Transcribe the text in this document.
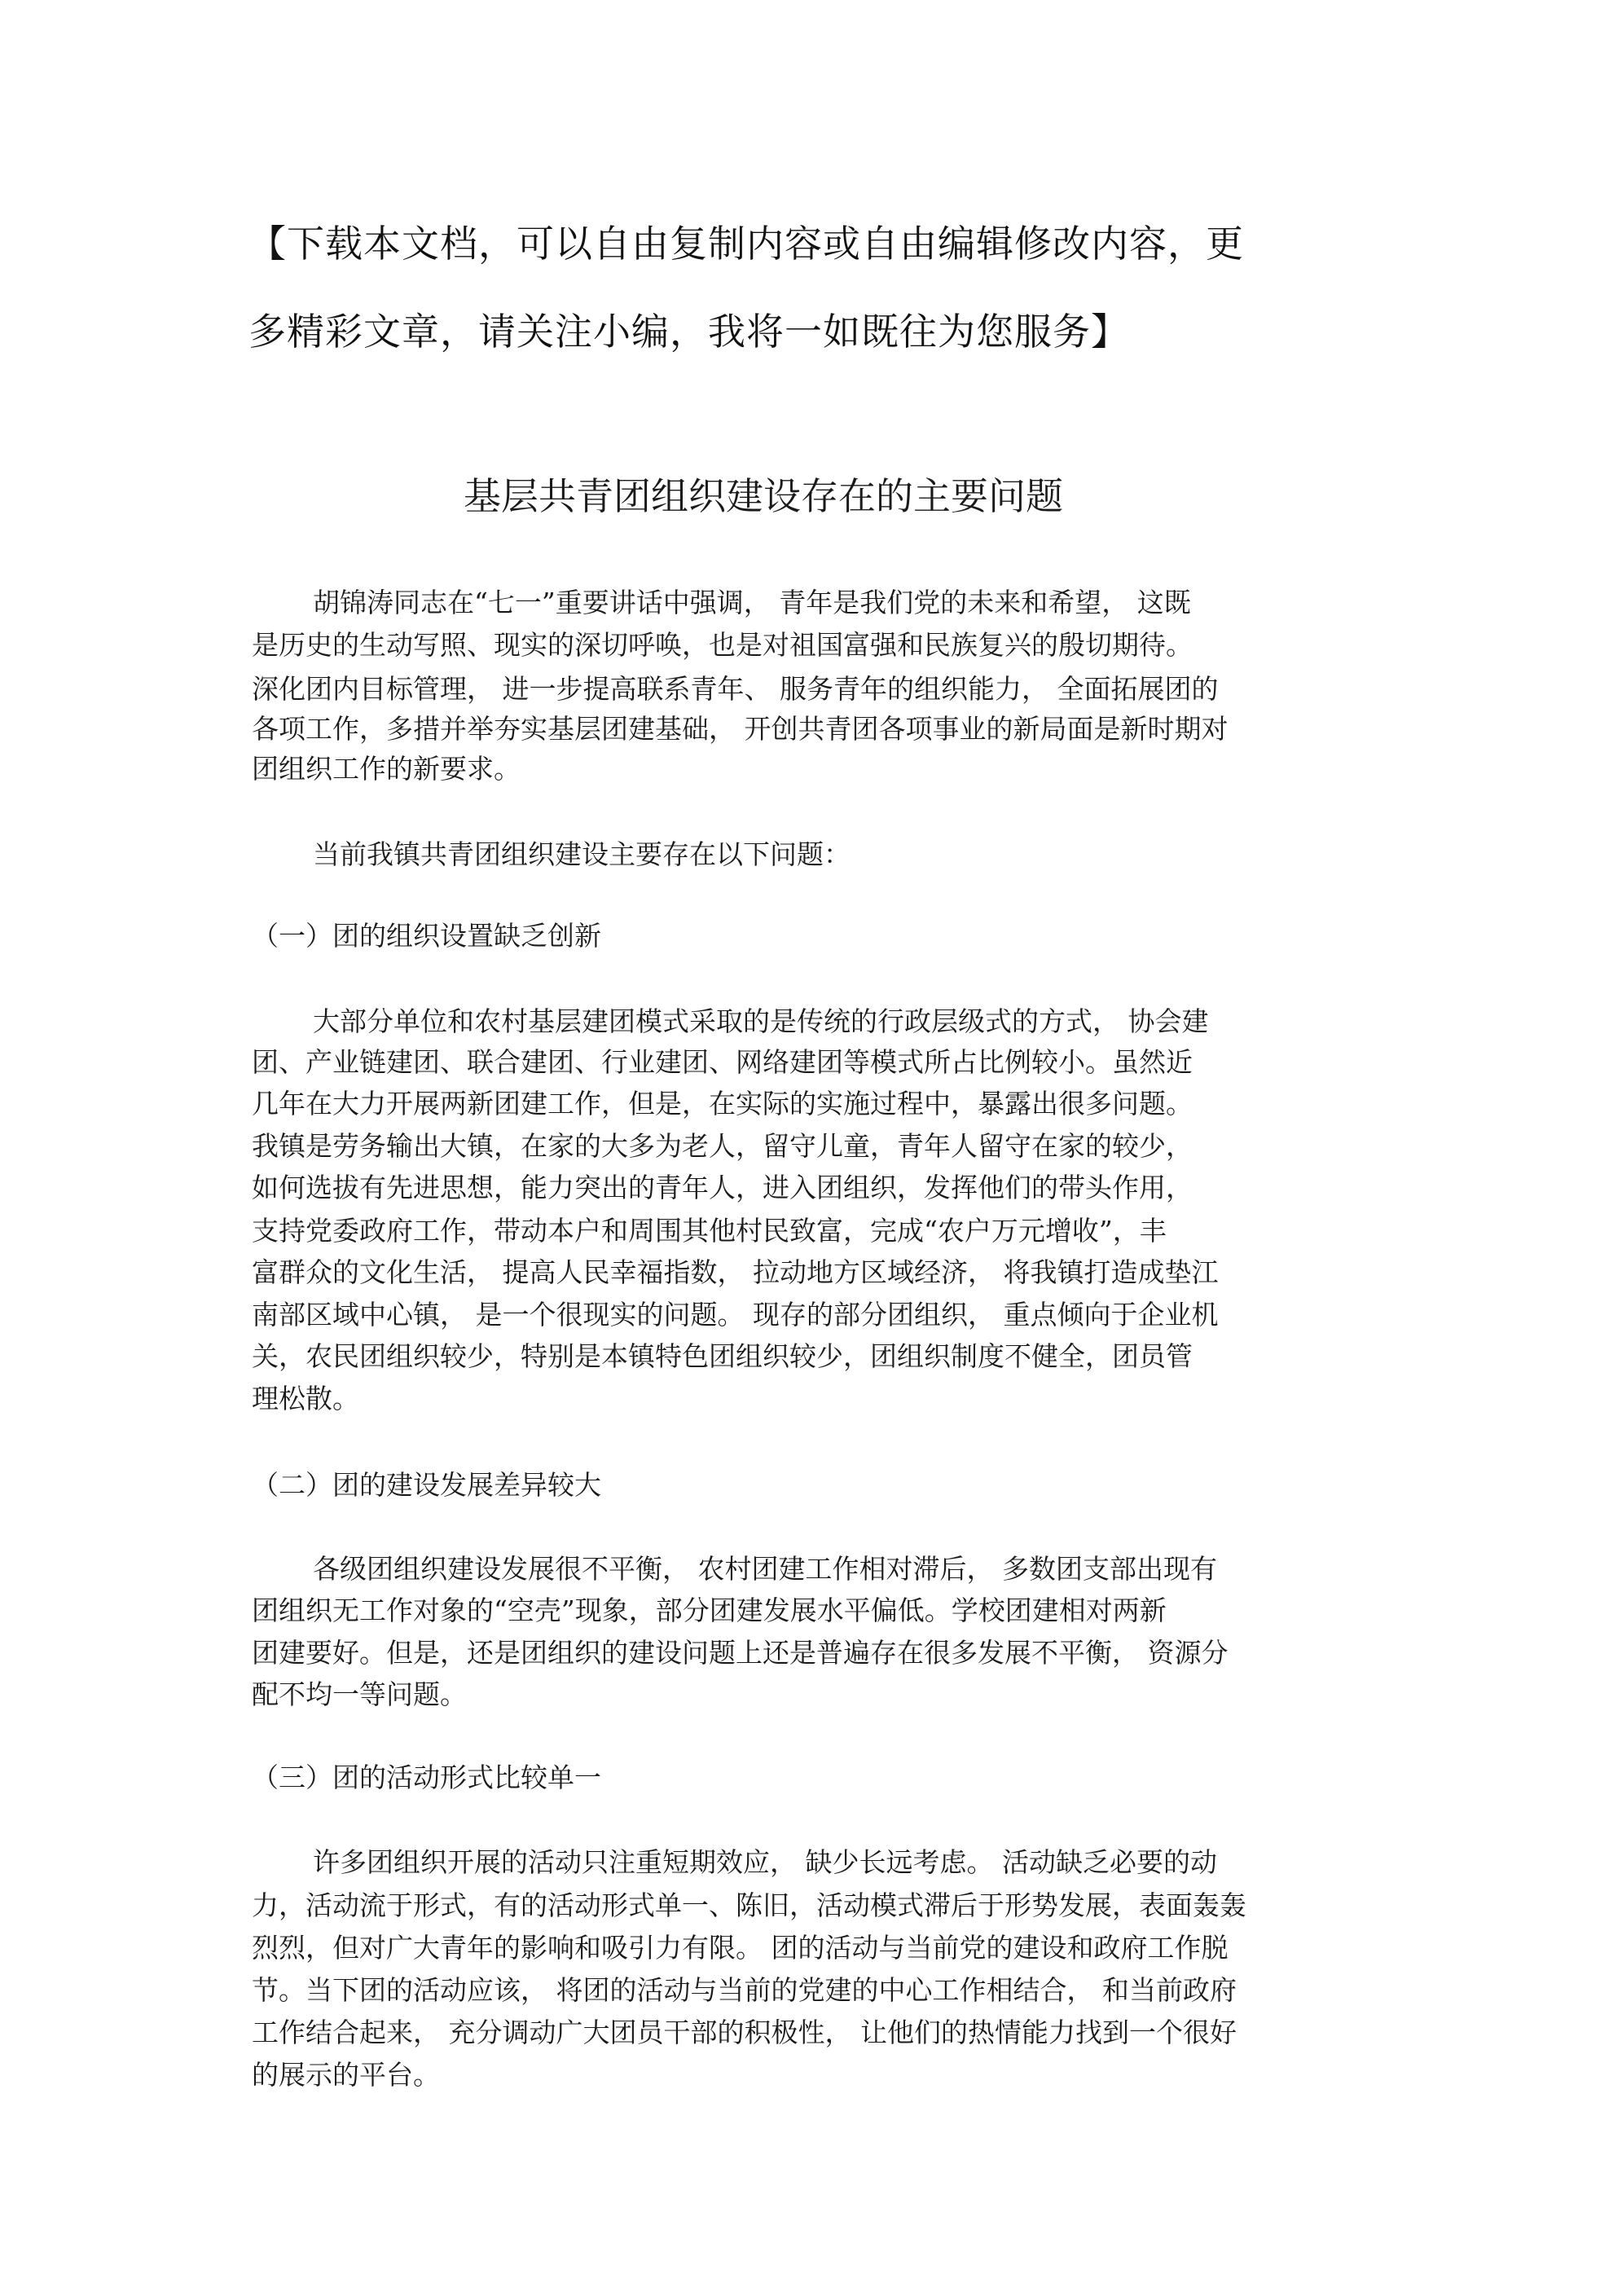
【下载本文档，可以自由复制内容或自由编辑修改内容，更

多精彩文章，请关注小编，我将一如既往为您服务】

基层共青团组织建设存在的主要问题

胡锦涛同志在“七一”重要讲话中强调， 青年是我们党的未来和希望， 这既

是历史的生动写照、现实的深切呼唤，也是对祖国富强和民族复兴的殷切期待。

深化团内目标管理， 进一步提高联系青年、 服务青年的组织能力， 全面拓展团的

各项工作，多措并举夯实基层团建基础， 开创共青团各项事业的新局面是新时期对

团组织工作的新要求。

当前我镇共青团组织建设主要存在以下问题：

（一）团的组织设置缺乏创新

大部分单位和农村基层建团模式采取的是传统的行政层级式的方式， 协会建

团、产业链建团、联合建团、行业建团、网络建团等模式所占比例较小。虽然近

几年在大力开展两新团建工作，但是，在实际的实施过程中，暴露出很多问题。

我镇是劳务输出大镇，在家的大多为老人，留守儿童，青年人留守在家的较少，

如何选拔有先进思想，能力突出的青年人，进入团组织，发挥他们的带头作用，

支持党委政府工作，带动本户和周围其他村民致富，完成“农户万元增收”，丰

富群众的文化生活， 提高人民幸福指数， 拉动地方区域经济， 将我镇打造成垫江

南部区域中心镇， 是一个很现实的问题。 现存的部分团组织， 重点倾向于企业机

关，农民团组织较少，特别是本镇特色团组织较少，团组织制度不健全，团员管

理松散。

（二）团的建设发展差异较大

各级团组织建设发展很不平衡， 农村团建工作相对滞后， 多数团支部出现有

团组织无工作对象的“空壳”现象，部分团建发展水平偏低。学校团建相对两新

团建要好。但是，还是团组织的建设问题上还是普遍存在很多发展不平衡， 资源分

配不均一等问题。

（三）团的活动形式比较单一

许多团组织开展的活动只注重短期效应， 缺少长远考虑。 活动缺乏必要的动

力，活动流于形式，有的活动形式单一、陈旧，活动模式滞后于形势发展，表面轰轰

烈烈，但对广大青年的影响和吸引力有限。 团的活动与当前党的建设和政府工作脱

节。当下团的活动应该， 将团的活动与当前的党建的中心工作相结合， 和当前政府

工作结合起来， 充分调动广大团员干部的积极性， 让他们的热情能力找到一个很好

的展示的平台。
